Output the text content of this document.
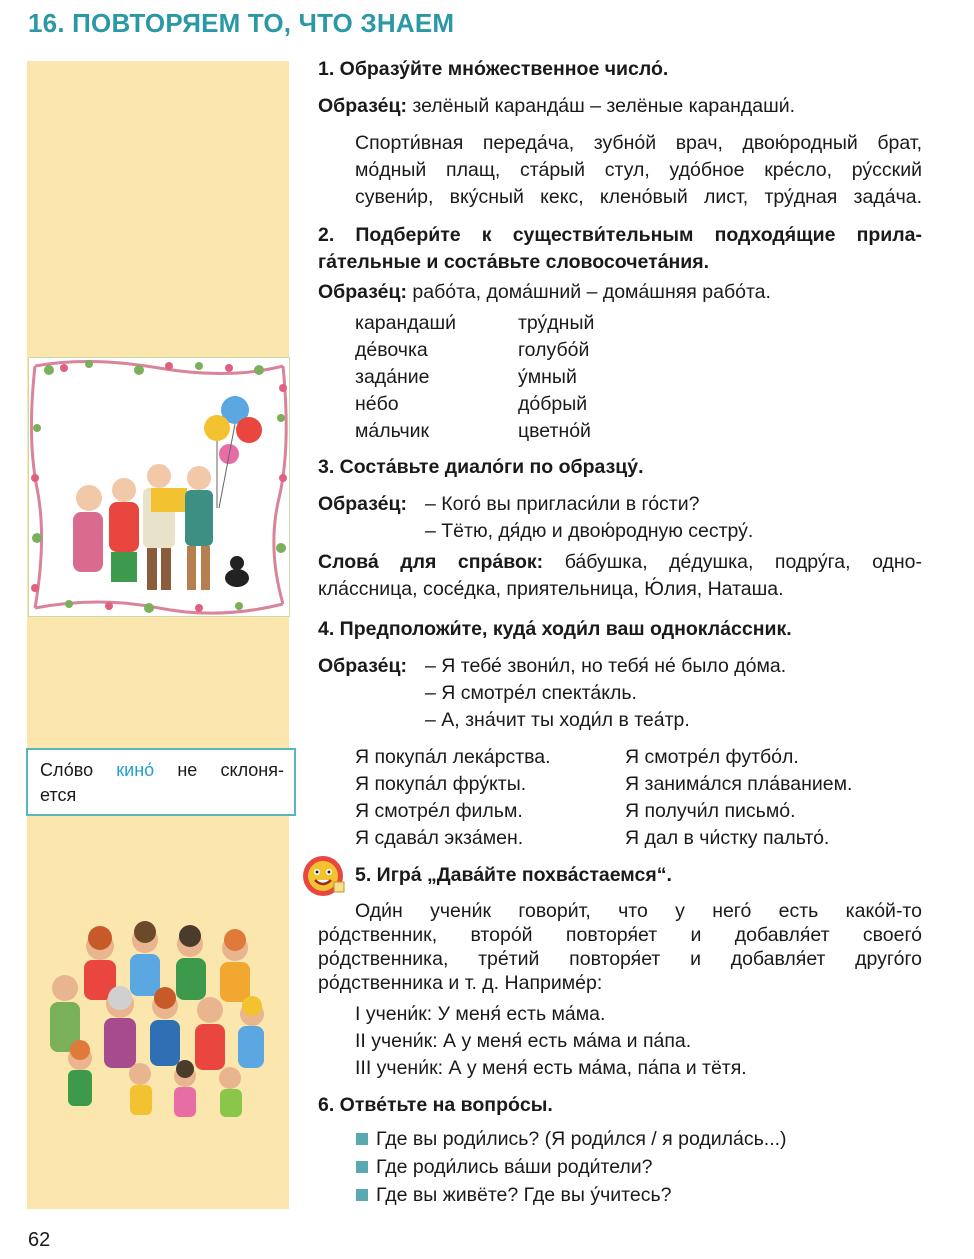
16. ПОВТОРЯЕМ ТО, ЧТО ЗНАЕМ
Сло́во кино́ не склоня-
ется
1. Образу́йте мно́жественное число́.
Образе́ц: зелёный каранда́ш – зелёные карандаши́.
Спорти́вная переда́ча, зубно́й врач, двою́родный брат,
мо́дный плащ, ста́рый стул, удо́бное кре́сло, ру́сский
сувени́р, вку́сный кекс, клено́вый лист, тру́дная зада́ча.
2. Подбери́те к существи́тельным подходя́щие прила-
га́тельные и соста́вьте словосочета́ния.
Образе́ц: рабо́та, дома́шний – дома́шняя рабо́та.
карандаши́
де́вочка
зада́ние
не́бо
ма́льчик
тру́дный
голубо́й
у́мный
до́брый
цветно́й
3. Соста́вьте диало́ги по образцу́.
Образе́ц: – Кого́ вы пригласи́ли в го́сти?
– Тётю, дя́дю и двою́родную сестру́.
Слова́ для спра́вок: ба́бушка, де́душка, подру́га, одно-
кла́ссница, сосе́дка, приятельница, Ю́лия, Наташа.
4. Предположи́те, куда́ ходи́л ваш однокла́ссник.
Образе́ц: – Я тебе́ звони́л, но тебя́ не́ было до́ма.
– Я смотре́л спекта́кль.
– А, зна́чит ты ходи́л в теа́тр.
Я покупа́л лека́рства.
Я покупа́л фру́кты.
Я смотре́л фильм.
Я сдава́л экза́мен.
Я смотре́л футбо́л.
Я занима́лся пла́ванием.
Я получи́л письмо́.
Я дал в чи́стку пальто́.
5. Игра́ „Дава́йте похва́стаемся“.
Оди́н учени́к говори́т, что у него́ есть како́й-то
ро́дственник, второ́й повторя́ет и добавля́ет своего́
ро́дственника, тре́тий повторя́ет и добавля́ет друго́го
ро́дственника и т. д. Наприме́р:
I учени́к: У меня́ есть ма́ма.
II учени́к: А у меня́ есть ма́ма и па́па.
III учени́к: А у меня́ есть ма́ма, па́па и тётя.
6. Отве́тьте на вопро́сы.
Где вы роди́лись? (Я роди́лся / я родила́сь...)
Где роди́лись ва́ши роди́тели?
Где вы живёте? Где вы у́читесь?
62
